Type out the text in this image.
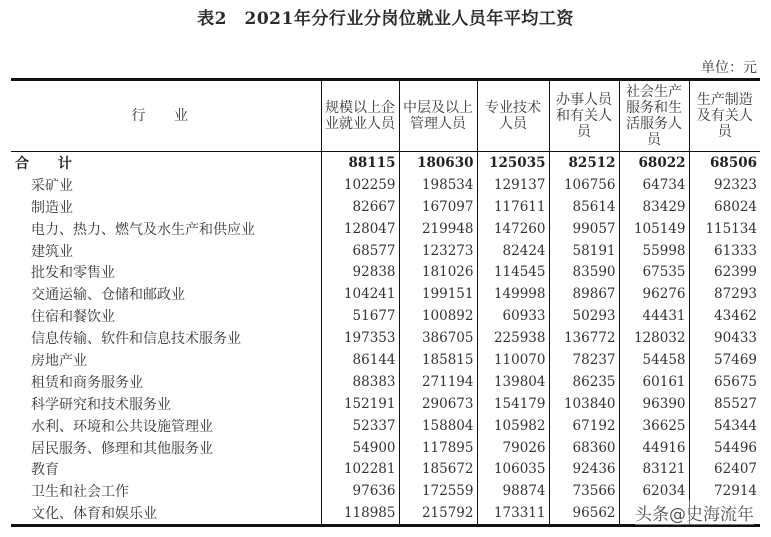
表2　2021年分行业分岗位就业人员年平均工资
单位：元
行 业	规模以上企业就业人员	中层及以上管理人员	专业技术人员	办事人员和有关人员	社会生产服务和生活服务人员	生产制造及有关人员
合 计	88115	180630	125035	82512	68022	68506
采矿业	102259	198534	129137	106756	64734	92323
制造业	82667	167097	117611	85614	83429	68024
电力、热力、燃气及水生产和供应业	128047	219948	147260	99057	105149	115134
建筑业	68577	123273	82424	58191	55998	61333
批发和零售业	92838	181026	114545	83590	67535	62399
交通运输、仓储和邮政业	104241	199151	149998	89867	96276	87293
住宿和餐饮业	51677	100892	60933	50293	44431	43462
信息传输、软件和信息技术服务业	197353	386705	225938	136772	128032	90433
房地产业	86144	185815	110070	78237	54458	57469
租赁和商务服务业	88383	271194	139804	86235	60161	65675
科学研究和技术服务业	152191	290673	154179	103840	96390	85527
水利、环境和公共设施管理业	52337	158804	105982	67192	36625	54344
居民服务、修理和其他服务业	54900	117895	79026	68360	44916	54496
教育	102281	185672	106035	92436	83121	62407
卫生和社会工作	97636	172559	98874	73566	62034	72914
文化、体育和娱乐业	118985	215792	173311	96562		头条@史海流年
